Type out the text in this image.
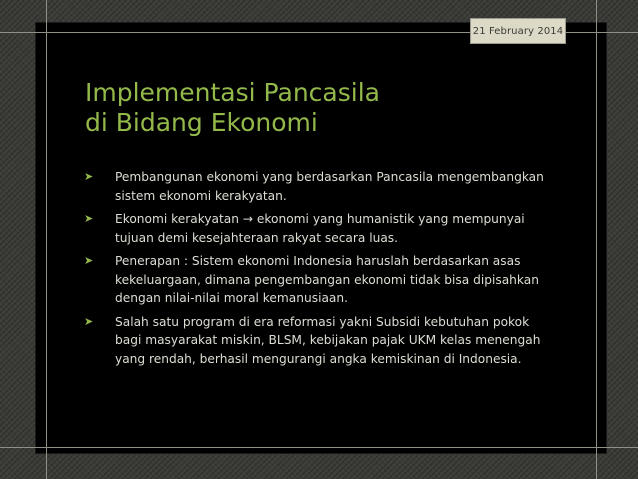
21 February 2014
Implementasi Pancasila
di Bidang Ekonomi
➤ Pembangunan ekonomi yang berdasarkan Pancasila mengembangkan sistem ekonomi kerakyatan.
➤ Ekonomi kerakyatan → ekonomi yang humanistik yang mempunyai tujuan demi kesejahteraan rakyat secara luas.
➤ Penerapan : Sistem ekonomi Indonesia haruslah berdasarkan asas kekeluargaan, dimana pengembangan ekonomi tidak bisa dipisahkan dengan nilai-nilai moral kemanusiaan.
➤ Salah satu program di era reformasi yakni Subsidi kebutuhan pokok bagi masyarakat miskin, BLSM, kebijakan pajak UKM kelas menengah yang rendah, berhasil mengurangi angka kemiskinan di Indonesia.
